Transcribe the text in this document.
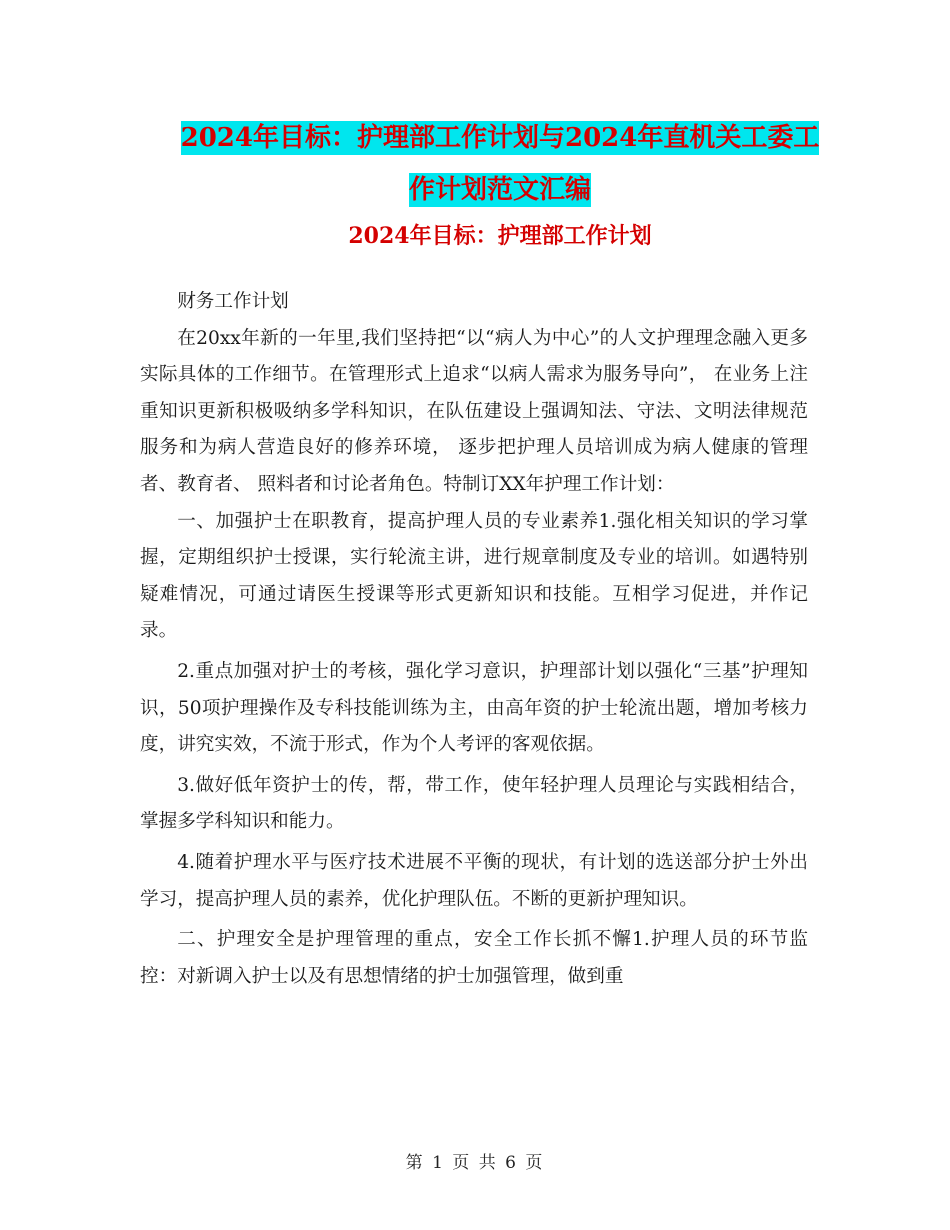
2024年目标：护理部工作计划与2024年直机关工委工
作计划范文汇编
2024年目标：护理部工作计划

财务工作计划

在20xx年新的一年里,我们坚持把“以“病人为中心”的人文护理理念融入更多实际具体的工作细节。在管理形式上追求“以病人需求为服务导向”， 在业务上注重知识更新积极吸纳多学科知识，在队伍建设上强调知法、守法、文明法律规范服务和为病人营造良好的修养环境， 逐步把护理人员培训成为病人健康的管理者、教育者、 照料者和讨论者角色。特制订XX年护理工作计划：

一、加强护士在职教育，提高护理人员的专业素养1.强化相关知识的学习掌握，定期组织护士授课，实行轮流主讲，进行规章制度及专业的培训。如遇特别疑难情况，可通过请医生授课等形式更新知识和技能。互相学习促进，并作记录。

2.重点加强对护士的考核，强化学习意识，护理部计划以强化“三基”护理知识，50项护理操作及专科技能训练为主，由高年资的护士轮流出题，增加考核力度，讲究实效，不流于形式，作为个人考评的客观依据。

3.做好低年资护士的传，帮，带工作，使年轻护理人员理论与实践相结合，掌握多学科知识和能力。

4.随着护理水平与医疗技术进展不平衡的现状，有计划的选送部分护士外出学习，提高护理人员的素养，优化护理队伍。不断的更新护理知识。

二、护理安全是护理管理的重点，安全工作长抓不懈1.护理人员的环节监控：对新调入护士以及有思想情绪的护士加强管理，做到重

第 1 页 共 6 页
